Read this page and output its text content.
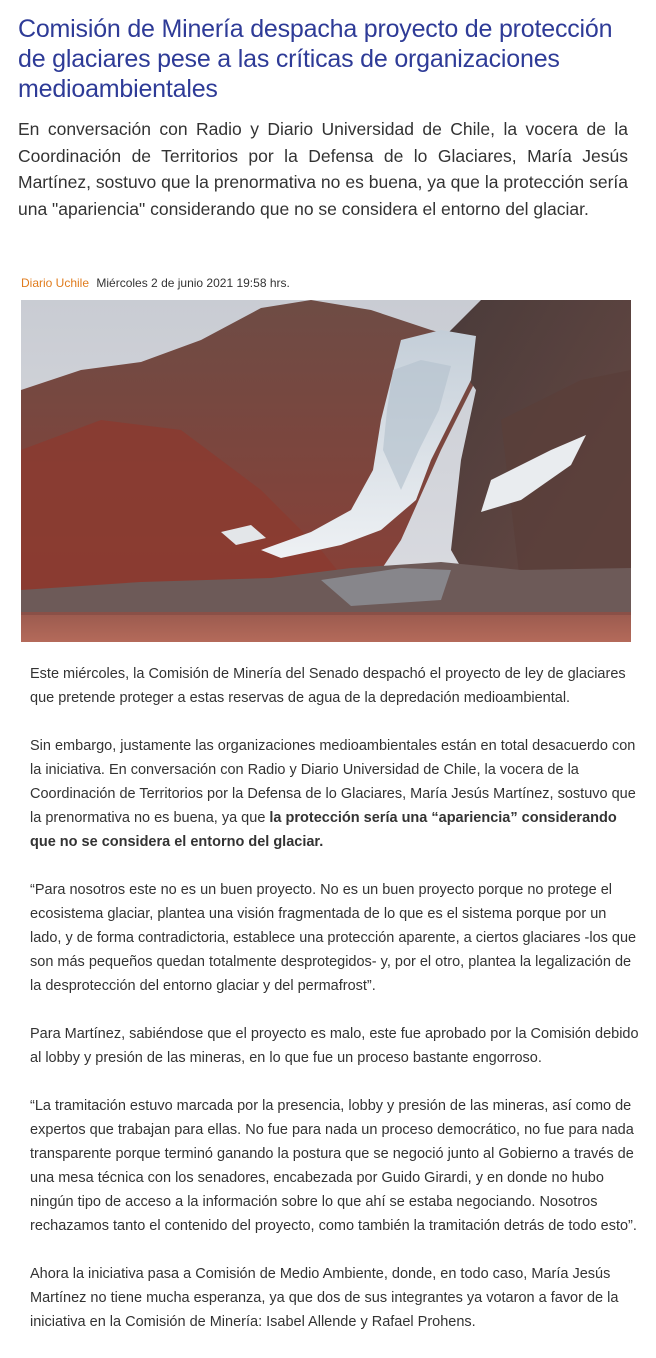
Comisión de Minería despacha proyecto de protección de glaciares pese a las críticas de organizaciones medioambientales

En conversación con Radio y Diario Universidad de Chile, la vocera de la Coordinación de Territorios por la Defensa de lo Glaciares, María Jesús Martínez, sostuvo que la prenormativa no es buena, ya que la protección sería una "apariencia" considerando que no se considera el entorno del glaciar.

Diario Uchile Miércoles 2 de junio 2021 19:58 hrs.

Este miércoles, la Comisión de Minería del Senado despachó el proyecto de ley de glaciares que pretende proteger a estas reservas de agua de la depredación medioambiental.

Sin embargo, justamente las organizaciones medioambientales están en total desacuerdo con la iniciativa. En conversación con Radio y Diario Universidad de Chile, la vocera de la Coordinación de Territorios por la Defensa de lo Glaciares, María Jesús Martínez, sostuvo que la prenormativa no es buena, ya que la protección sería una “apariencia” considerando que no se considera el entorno del glaciar.

“Para nosotros este no es un buen proyecto. No es un buen proyecto porque no protege el ecosistema glaciar, plantea una visión fragmentada de lo que es el sistema porque por un lado, y de forma contradictoria, establece una protección aparente, a ciertos glaciares -los que son más pequeños quedan totalmente desprotegidos- y, por el otro, plantea la legalización de la desprotección del entorno glaciar y del permafrost”.

Para Martínez, sabiéndose que el proyecto es malo, este fue aprobado por la Comisión debido al lobby y presión de las mineras, en lo que fue un proceso bastante engorroso.

“La tramitación estuvo marcada por la presencia, lobby y presión de las mineras, así como de expertos que trabajan para ellas. No fue para nada un proceso democrático, no fue para nada transparente porque terminó ganando la postura que se negoció junto al Gobierno a través de una mesa técnica con los senadores, encabezada por Guido Girardi, y en donde no hubo ningún tipo de acceso a la información sobre lo que ahí se estaba negociando. Nosotros rechazamos tanto el contenido del proyecto, como también la tramitación detrás de todo esto”.

Ahora la iniciativa pasa a Comisión de Medio Ambiente, donde, en todo caso, María Jesús Martínez no tiene mucha esperanza, ya que dos de sus integrantes ya votaron a favor de la iniciativa en la Comisión de Minería: Isabel Allende y Rafael Prohens.
